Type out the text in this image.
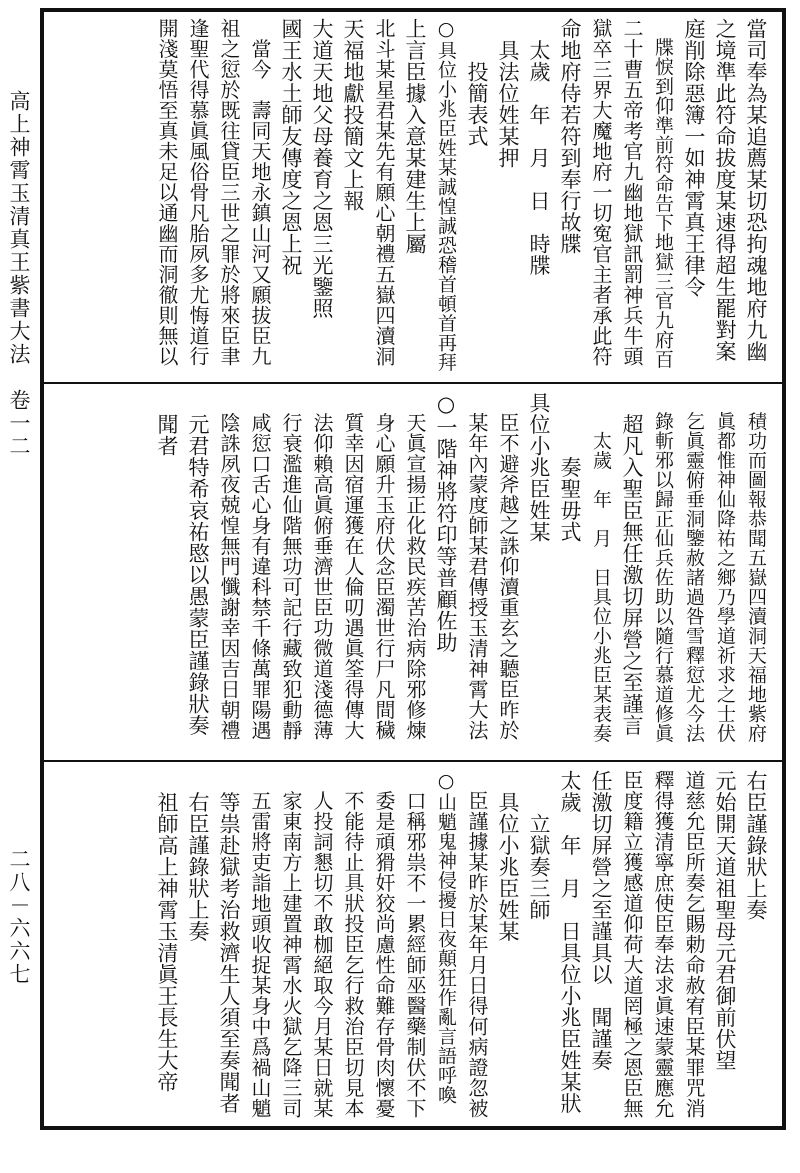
高上神霄玉清真王紫書大法　卷一二
二八－六六七
當司奉為某追薦某切恐拘魂地府九幽
之境準此符命拔度某速得超生罷對案
庭削除惡簿一如神霄真王律令
　牒悷到仰準前符命告下地獄三官九府百
二十曹五帝考官九幽地獄訊罰神兵牛頭
獄卒三界大魔地府一切寃官主者承此符
命地府侍若符到奉行故牒
　太歲　年　月　日　時牒
　具法位姓某押
　　投簡表式
○具位小兆臣姓某誠惶誠恐稽首頓首再拜
上言臣據入意某建生上屬
北斗某星君某先有願心朝禮五嶽四瀆洞
天福地獻投簡文上報
大道天地父母養育之恩三光鑒照
國王水土師友傳度之恩上祝
　當今　壽同天地永鎮山河又願拔臣九
祖之愆於既往貸臣三世之罪於將來臣聿
逢聖代得慕眞風俗骨凡胎夙多尤悔道行
開淺莫悟至真未足以通幽而洞徹則無以
　積功而圖報恭聞五嶽四瀆洞天福地紫府
　眞都惟神仙降祐之鄉乃學道祈求之士伏
　乞眞靈俯垂洞鑒赦諸過咎雪釋愆尤今法
　錄斬邪以歸正仙兵佐助以隨行慕道修眞
　超凡入聖臣無任激切屏營之至謹言
　　太歲　年　月　日具位小兆臣某表奏
　　　奏聖毋式
具位小兆臣姓某
　臣不避斧越之誅仰瀆重玄之聽臣昨於
　某年內蒙度師某君傳授玉清神霄大法
○一階神將符印等普顧佐助
　天眞宣揚正化救民疾苦治病除邪修煉
　身心願升玉府伏念臣濁世行尸凡間穢
　質幸因宿運獲在人倫叨遇眞筌得傳大
　法仰賴高眞俯垂濟世臣功微道淺德薄
　行衰濫進仙階無功可記行藏致犯動靜
　咸愆口舌心身有違科禁千條萬罪陽遇
　陰誅夙夜兢惶無門懺謝幸因吉日朝禮
　元君特希哀祐愍以愚蒙臣謹錄狀奏
　聞者
右臣謹錄狀上奏
元始開天道祖聖母元君御前伏望
道慈允臣所奏乞賜勅命赦宥臣某罪咒消
釋得獲清寧庶使臣奉法求眞速蒙靈應允
臣度籍立獲感道仰荷大道罔極之恩臣無
任激切屏營之至謹具以　聞謹奏
太歲　年　月　日具位小兆臣姓某狀
　　立獄奏三師
　具位小兆臣姓某
　臣謹據某昨於某年月日得何病證忽被
○山魈鬼神侵擾日夜顛狂作亂言語呼喚
　口稱邪祟不一累經師巫醫藥制伏不下
　委是頑猾奸狡尚慮性命難存骨肉懷憂
　不能待止具狀投臣乞行救治臣切見本
　人投詞懇切不敢枷絕取今月某日就某
　家東南方上建置神霄水火獄乞降三司
　五雷將吏詣地頭收捉某身中爲禍山魈
　等祟赴獄考治救濟生人須至奏聞者
　右臣謹錄狀上奏
　祖師高上神霄玉清眞王長生大帝
